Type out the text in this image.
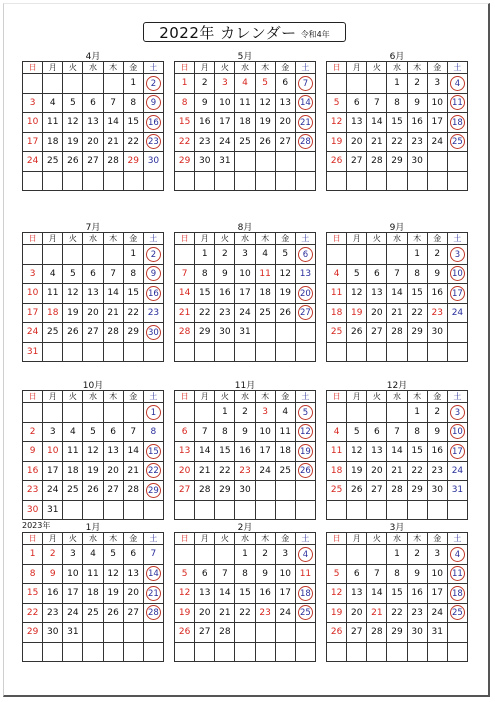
2022年 カレンダー 令和4年
4月
日	月	火	水	木	金	土
					1	2
3	4	5	6	7	8	9
10	11	12	13	14	15	16
17	18	19	20	21	22	23
24	25	26	27	28	29	30

5月
日	月	火	水	木	金	土
1	2	3	4	5	6	7
8	9	10	11	12	13	14
15	16	17	18	19	20	21
22	23	24	25	26	27	28
29	30	31				

6月
日	月	火	水	木	金	土
			1	2	3	4
5	6	7	8	9	10	11
12	13	14	15	16	17	18
19	20	21	22	23	24	25
26	27	28	29	30		

7月
日	月	火	水	木	金	土
					1	2
3	4	5	6	7	8	9
10	11	12	13	14	15	16
17	18	19	20	21	22	23
24	25	26	27	28	29	30
31						
8月
日	月	火	水	木	金	土
	1	2	3	4	5	6
7	8	9	10	11	12	13
14	15	16	17	18	19	20
21	22	23	24	25	26	27
28	29	30	31			

9月
日	月	火	水	木	金	土
				1	2	3
4	5	6	7	8	9	10
11	12	13	14	15	16	17
18	19	20	21	22	23	24
25	26	27	28	29	30	

10月
日	月	火	水	木	金	土
						1
2	3	4	5	6	7	8
9	10	11	12	13	14	15
16	17	18	19	20	21	22
23	24	25	26	27	28	29
30	31					
11月
日	月	火	水	木	金	土
		1	2	3	4	5
6	7	8	9	10	11	12
13	14	15	16	17	18	19
20	21	22	23	24	25	26
27	28	29	30			

12月
日	月	火	水	木	金	土
				1	2	3
4	5	6	7	8	9	10
11	12	13	14	15	16	17
18	19	20	21	22	23	24
25	26	27	28	29	30	31

2023年	1月
日	月	火	水	木	金	土
1	2	3	4	5	6	7
8	9	10	11	12	13	14
15	16	17	18	19	20	21
22	23	24	25	26	27	28
29	30	31				

2月
日	月	火	水	木	金	土
			1	2	3	4
5	6	7	8	9	10	11
12	13	14	15	16	17	18
19	20	21	22	23	24	25
26	27	28				

3月
日	月	火	水	木	金	土
			1	2	3	4
5	6	7	8	9	10	11
12	13	14	15	16	17	18
19	20	21	22	23	24	25
26	27	28	29	30	31	
